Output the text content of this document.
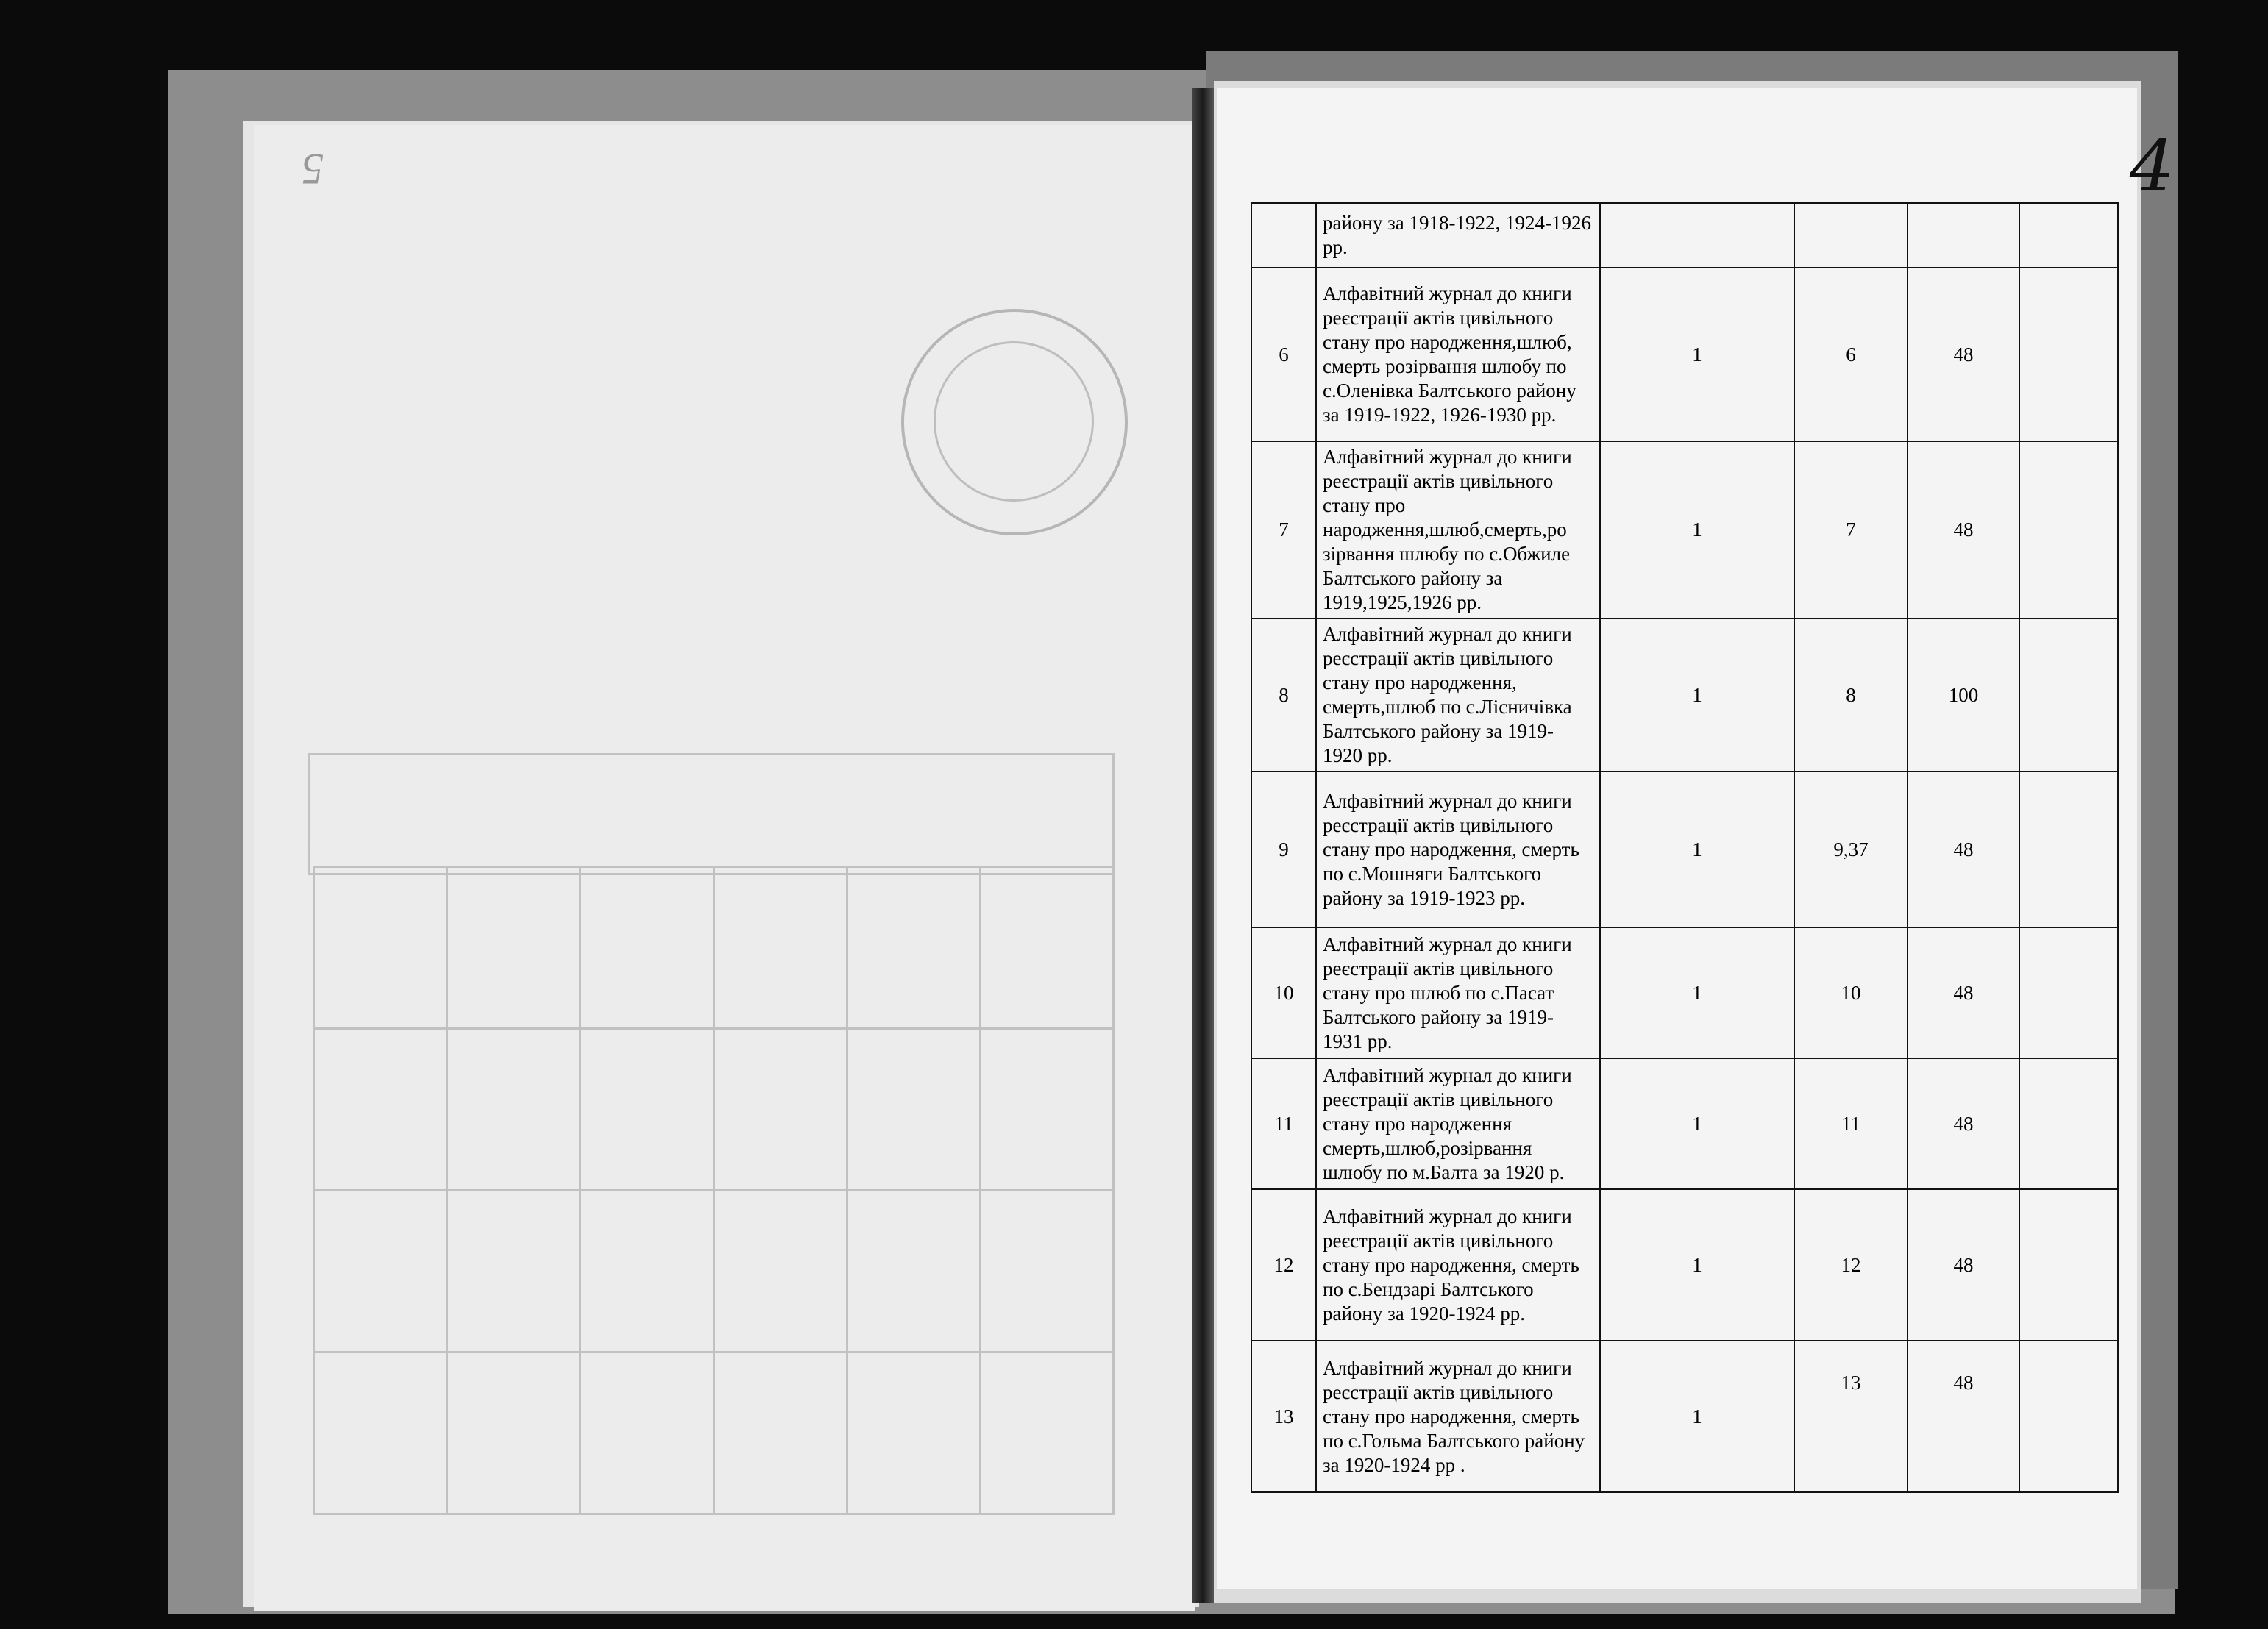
5	4
	району за 1918-1922, 1924-1926 рр.				
6	Алфавітний журнал до книги реєстрації актів цивільного стану про народження,шлюб, смерть розірвання шлюбу по с.Оленівка Балтського району за 1919-1922, 1926-1930 рр.	1	6	48	
7	Алфавітний журнал до книги реєстрації актів цивільного стану про народження,шлюб,смерть,ро зірвання шлюбу по с.Обжиле Балтського району за 1919,1925,1926 рр.	1	7	48	
8	Алфавітний журнал до книги реєстрації актів цивільного стану про народження, смерть,шлюб по с.Лісничівка Балтського району за 1919-1920 рр.	1	8	100	
9	Алфавітний журнал до книги реєстрації актів цивільного стану про народження, смерть по с.Мошняги Балтського району за 1919-1923 рр.	1	9,37	48	
10	Алфавітний журнал до книги реєстрації актів цивільного стану про шлюб по с.Пасат Балтського району за 1919-1931 рр.	1	10	48	
11	Алфавітний журнал до книги реєстрації актів цивільного стану про народження смерть,шлюб,розірвання шлюбу по м.Балта за 1920 р.	1	11	48	
12	Алфавітний журнал до книги реєстрації актів цивільного стану про народження, смерть по с.Бендзарі Балтського району за 1920-1924 рр.	1	12	48	
13	Алфавітний журнал до книги реєстрації актів цивільного стану про народження, смерть по с.Гольма Балтського району за 1920-1924 рр .	1	13	48	
